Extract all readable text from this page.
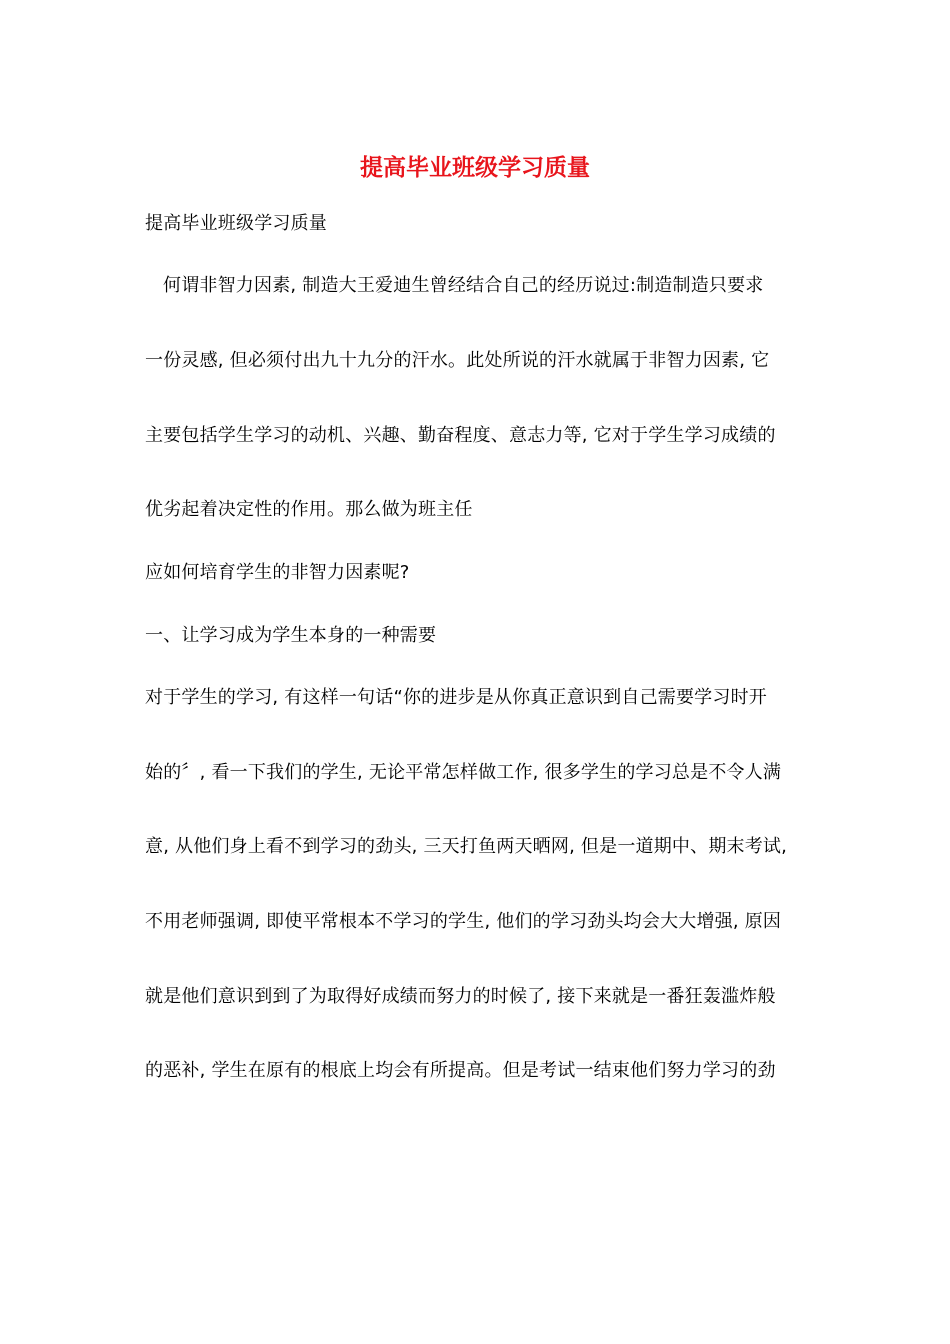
提高毕业班级学习质量

提高毕业班级学习质量

何谓非智力因素, 制造大王爱迪生曾经结合自己的经历说过:制造制造只要求

一份灵感, 但必须付出九十九分的汗水。此处所说的汗水就属于非智力因素, 它

主要包括学生学习的动机、兴趣、勤奋程度、意志力等, 它对于学生学习成绩的

优劣起着决定性的作用。那么做为班主任

应如何培育学生的非智力因素呢?

一、让学习成为学生本身的一种需要

对于学生的学习, 有这样一句话“你的进步是从你真正意识到自己需要学习时开

始的〞, 看一下我们的学生, 无论平常怎样做工作, 很多学生的学习总是不令人满

意, 从他们身上看不到学习的劲头, 三天打鱼两天晒网, 但是一道期中、期末考试,

不用老师强调, 即使平常根本不学习的学生, 他们的学习劲头均会大大增强, 原因

就是他们意识到到了为取得好成绩而努力的时候了, 接下来就是一番狂轰滥炸般

的恶补, 学生在原有的根底上均会有所提高。但是考试一结束他们努力学习的劲
